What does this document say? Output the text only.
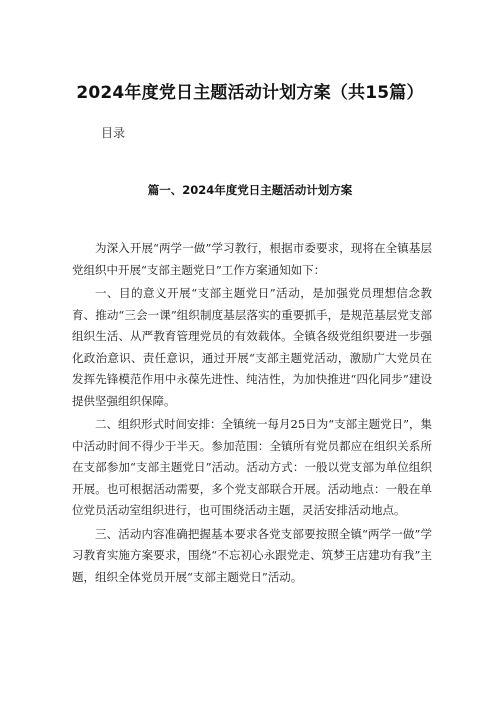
2024年度党日主题活动计划方案（共15篇）
目录
篇一、2024年度党日主题活动计划方案

为深入开展“两学一做”学习教行，根据市委要求，现将在全镇基层党组织中开展“支部主题党日”工作方案通知如下：

一、目的意义开展“支部主题党日”活动，是加强党员理想信念教育、推动“三会一课”组织制度基层落实的重要抓手，是规范基层党支部组织生活、从严教育管理党员的有效载体。全镇各级党组织要进一步强化政治意识、责任意识，通过开展“支部主题党活动，激励广大党员在发挥先锋模范作用中永葆先进性、纯洁性，为加快推进“四化同步”建设提供坚强组织保障。

二、组织形式时间安排：全镇统一每月25日为“支部主题党日”，集中活动时间不得少于半天。参加范围：全镇所有党员都应在组织关系所在支部参加“支部主题党日”活动。活动方式：一般以党支部为单位组织开展。也可根据活动需要，多个党支部联合开展。活动地点：一般在单位党员活动室组织进行，也可围绕活动主题，灵活安排活动地点。

三、活动内容准确把握基本要求各党支部要按照全镇“两学一做”学习教育实施方案要求，围绕“不忘初心永跟党走、筑梦王店建功有我”主题，组织全体党员开展“支部主题党日”活动。
